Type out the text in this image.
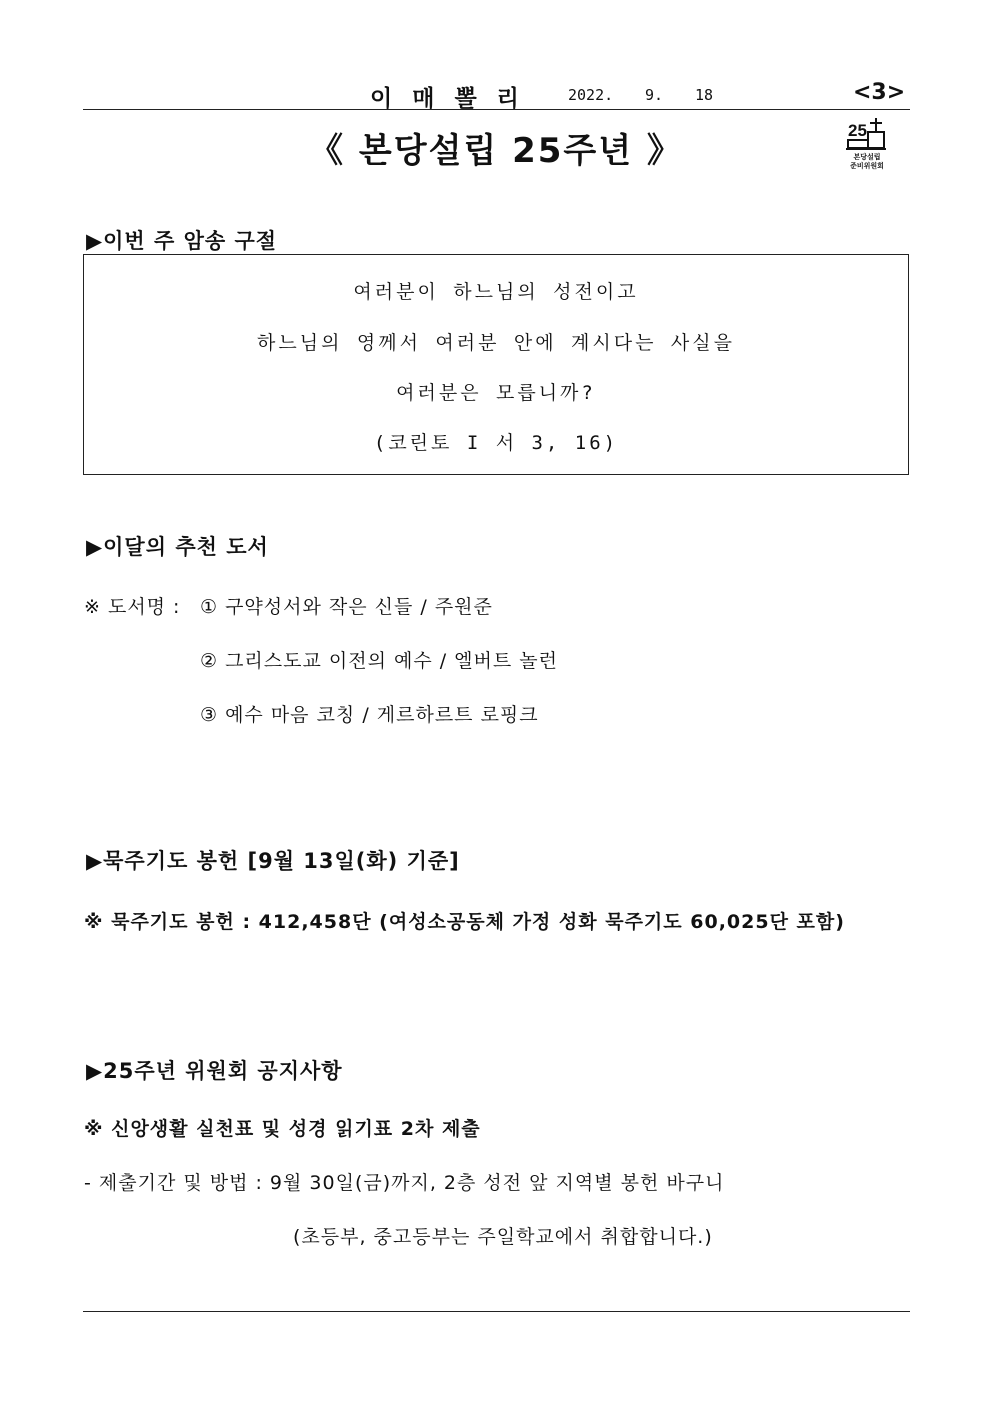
이 매 뽈 리	2022. 9. 18	<3>
《 본당설립 25주년 》
25
본당설립
준비위원회
▶이번 주 암송 구절
여러분이 하느님의 성전이고
하느님의 영께서 여러분 안에 계시다는 사실을
여러분은 모릅니까?
(코린토 I 서 3, 16)
▶이달의 추천 도서
※ 도서명 : ① 구약성서와 작은 신들 / 주원준
② 그리스도교 이전의 예수 / 엘버트 놀런
③ 예수 마음 코칭 / 게르하르트 로핑크
▶묵주기도 봉헌 [9월 13일(화) 기준]
※ 묵주기도 봉헌 : 412,458단 (여성소공동체 가정 성화 묵주기도 60,025단 포함)
▶25주년 위원회 공지사항
※ 신앙생활 실천표 및 성경 읽기표 2차 제출
- 제출기간 및 방법 : 9월 30일(금)까지, 2층 성전 앞 지역별 봉헌 바구니
(초등부, 중고등부는 주일학교에서 취합합니다.)
